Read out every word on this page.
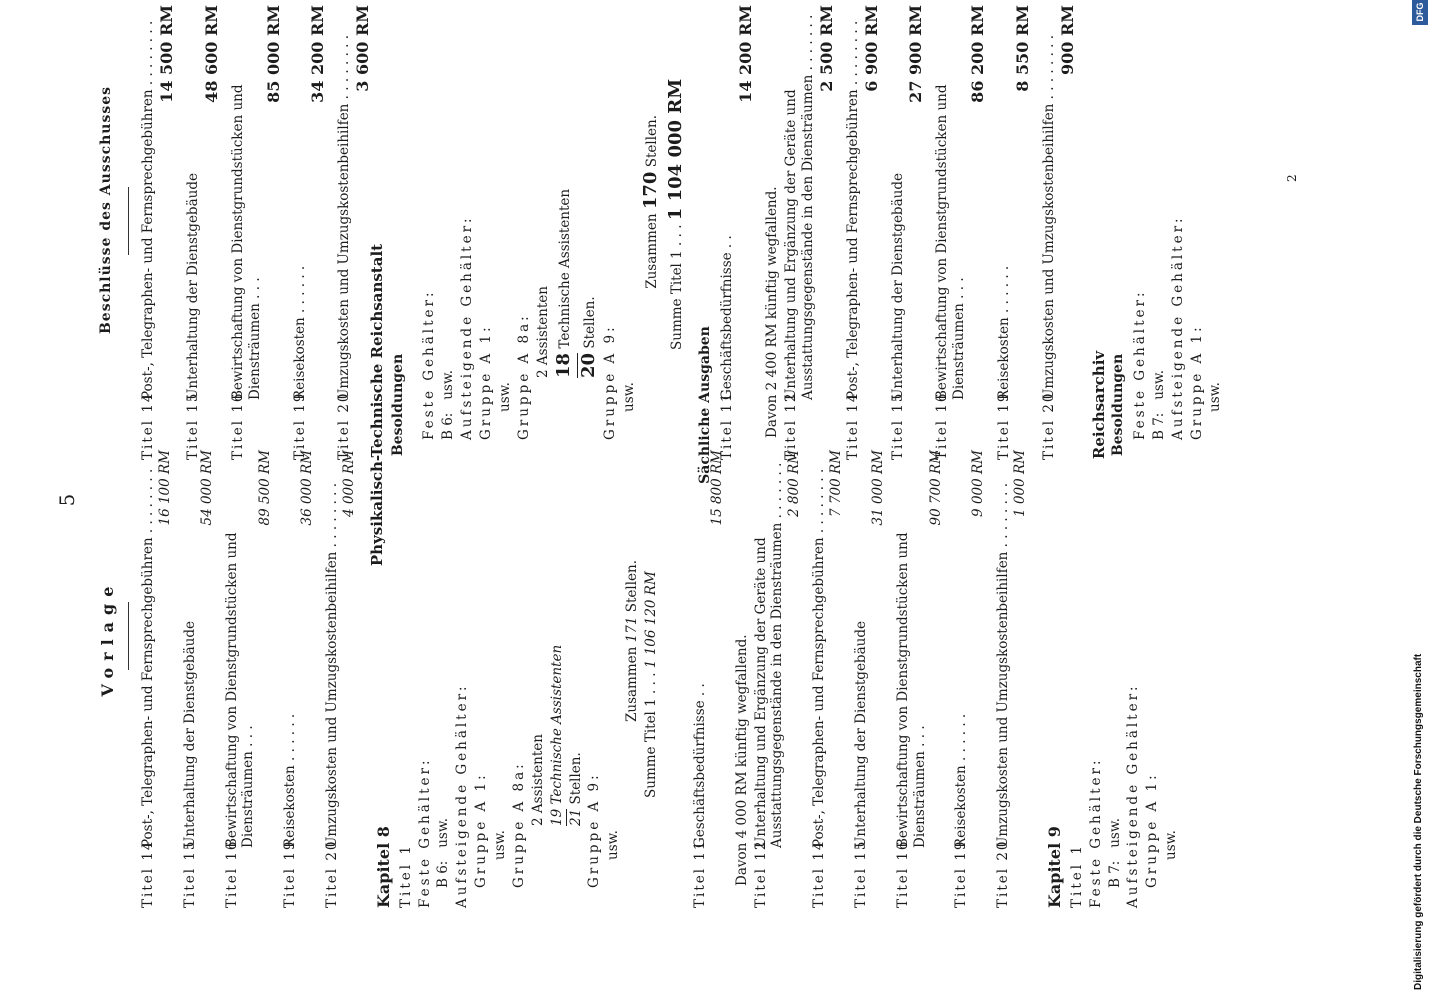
5
Vorlage
Beschlüsse des Ausschusses
Titel 14
Post-, Telegraphen- und Fernsprechgebühren . . . . . . . . 16 100 RM
Titel 15
Unterhaltung der Dienstgebäude
54 000 RM
Titel 16
Bewirtschaftung von Dienstgrundstücken und Diensträumen . . .
89 500 RM
Titel 19
Reisekosten . . . . . .
36 000 RM
Titel 20
Umzugskosten und Umzugskostenbeihilfen . . . . . . . . 4 000 RM
Kapitel 8 Titel 1 Feste Gehälter: B 6:   usw. Aufsteigende Gehälter: Gruppe A 1: usw. Gruppe A 8a: 2 Assistenten
19 Technische Assistenten
21 Stellen. Gruppe A 9: usw.
Zusammen 171 Stellen.
Summe Titel 1 . . . 1 106 120 RM
Titel 11
Geschäftsbedürfnisse . .
15 800 RM
Davon 4 000 RM künftig wegfallend. Titel 12
Unterhaltung und Ergänzung der Geräte und Ausstattungsgegenstände in den Diensträumen . . . . . . . 2 800 RM
Titel 14
Post-, Telegraphen- und Fernsprechgebühren . . . . . . . . 7 700 RM
Titel 15
Unterhaltung der Dienstgebäude
31 000 RM
Titel 16
Bewirtschaftung von Dienstgrundstücken und Diensträumen . . .
90 700 RM
Titel 19
Reisekosten . . . . . .
9 000 RM
Titel 20
Umzugskosten und Umzugskostenbeihilfen . . . . . . . . 1 000 RM
Kapitel 9 Titel 1 Feste Gehälter: B 7:   usw. Aufsteigende Gehälter: Gruppe A 1: usw.
Titel 14
Post-, Telegraphen- und Fernsprechgebühren . . . . . . . . 14 500 RM
Titel 15
Unterhaltung der Dienstgebäude
48 600 RM
Titel 16
Bewirtschaftung von Dienstgrundstücken und Diensträumen . . .
85 000 RM
Titel 19
Reisekosten . . . . . .
34 200 RM
Titel 20
Umzugskosten und Umzugskostenbeihilfen . . . . . . . . 3 600 RM
Physikalisch-Technische Reichsanstalt Besoldungen Feste Gehälter: B 6:   usw. Aufsteigende Gehälter: Gruppe A 1: usw. Gruppe A 8a: 2 Assistenten
18 Technische Assistenten
20 Stellen.
Gruppe A 9: usw.
Zusammen 170 Stellen.
Summe Titel 1 . . . 1 104 000 RM
Sächliche Ausgaben Titel 11
Geschäftsbedürfnisse . .
14 200 RM
Davon 2 400 RM künftig wegfallend. Titel 12
Unterhaltung und Ergänzung der Geräte und Ausstattungsgegenstände in den Diensträumen . . . . . . . 2 500 RM
Titel 14
Post-, Telegraphen- und Fernsprechgebühren . . . . . . . . 6 900 RM
Titel 15
Unterhaltung der Dienstgebäude
27 900 RM
Titel 16
Bewirtschaftung von Dienstgrundstücken und Diensträumen . . .
86 200 RM
Titel 19
Reisekosten . . . . . .
8 550 RM
Titel 20
Umzugskosten und Umzugskostenbeihilfen . . . . . . . . 900 RM
Reichsarchiv Besoldungen Feste Gehälter: B 7:   usw. Aufsteigende Gehälter: Gruppe A 1: usw.
2
Digitalisierung gefördert durch die Deutsche Forschungsgemeinschaft
DFG
